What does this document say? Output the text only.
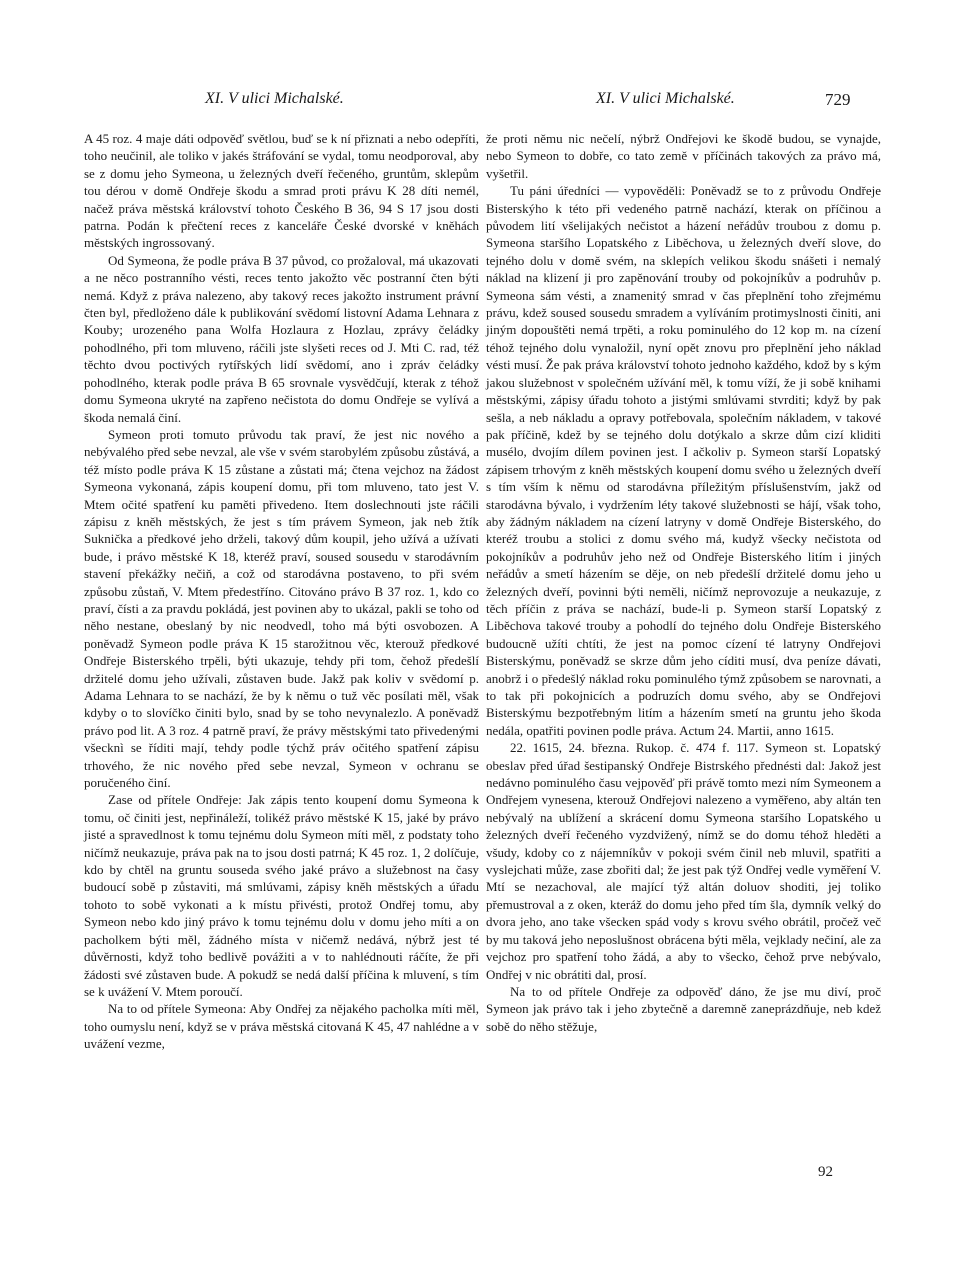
XI. V ulici Michalské.	XI. V ulici Michalské.	729

A 45 roz. 4 maje dáti odpověď světlou, buď se k ní přiznati a nebo odepříti, toho neučinil, ale toliko v jakés štráfování se vydal, tomu neodporoval, aby se z domu jeho Symeona, u železných dveří řečeného, gruntům, sklepům tou dérou v domě Ondřeje škodu a smrad proti právu K 28 díti nemél, načež práva městská království tohoto Českého B 36, 94 S 17 jsou dosti patrna. Podán k přečtení reces z kanceláře České dvorské v kněhách městských ingrossovaný.

Od Symeona, že podle práva B 37 původ, co prožaloval, má ukazovati a ne něco postranního vésti, reces tento jakožto věc postranní čten býti nemá. Když z práva nalezeno, aby takový reces jakožto instrument právní čten byl, předloženo dále k publikování svědomí listovní Adama Lehnara z Kouby; urozeného pana Wolfa Hozlaura z Hozlau, zprávy čeládky pohodlného, při tom mluveno, ráčili jste slyšeti reces od J. Mti C. rad, též těchto dvou poctivých rytířských lidí svědomí, ano i zpráv čeládky pohodlného, kterak podle práva B 65 srovnale vysvědčují, kterak z téhož domu Symeona ukryté na zapřeno nečistota do domu Ondřeje se vylívá a škoda nemalá činí.

Symeon proti tomuto průvodu tak praví, že jest nic nového a nebývalého před sebe nevzal, ale vše v svém starobylém způsobu zůstává, a též místo podle práva K 15 zůstane a zůstati má; čtena vejchoz na žádost Symeona vykonaná, zápis koupení domu, při tom mluveno, tato jest V. Mtem očité spatření ku paměti přivedeno. Item doslechnouti jste ráčili zápisu z kněh městských, že jest s tím právem Symeon, jak neb žtík Suknička a předkové jeho drželi, takový dům koupil, jeho užívá a užívati bude, i právo městské K 18, kteréž praví, soused sousedu v starodávním stavení překážky nečiň, a což od starodávna postaveno, to při svém způsobu zůstaň, V. Mtem předestříno. Citováno právo B 37 roz. 1, kdo co praví, čísti a za pravdu pokládá, jest povinen aby to ukázal, pakli se toho od něho nestane, obeslaný by nic neodvedl, toho má býti osvobozen. A poněvadž Symeon podle práva K 15 starožitnou věc, kterouž předkové Ondřeje Bisterského trpěli, býti ukazuje, tehdy při tom, čehož předešlí držitelé domu jeho užívali, zůstaven bude. Jakž pak koliv v svědomí p. Adama Lehnara to se nachází, že by k němu o tuž věc posílati měl, však kdyby o to slovíčko činiti bylo, snad by se toho nevynalezlo. A poněvadž právo pod lit. A 3 roz. 4 patrně praví, že právy městskými tato přivedenými všecknì se říditi mají, tehdy podle týchž práv očitého spatření zápisu trhového, že nic nového před sebe nevzal, Symeon v ochranu se poručeného činí.

Zase od přítele Ondřeje: Jak zápis tento koupení domu Symeona k tomu, oč činiti jest, nepřináleží, tolikéž právo městské K 15, jaké by právo jisté a spravedlnost k tomu tejnému dolu Symeon míti měl, z podstaty toho ničímž neukazuje, práva pak na to jsou dosti patrná; K 45 roz. 1, 2 dolíčuje, kdo by chtěl na gruntu souseda svého jaké právo a služebnost na časy budoucí sobě p zůstaviti, má smlúvami, zápisy kněh městských a úřadu tohoto to sobě vykonati a k místu přivésti, protož Ondřej tomu, aby Symeon nebo kdo jiný právo k tomu tejnému dolu v domu jeho míti a on pacholkem býti měl, žádného místa v ničemž nedává, nýbrž jest té důvěrnosti, když toho bedlivě povážiti a v to nahlédnouti ráčíte, že při žádosti své zůstaven bude. A pokudž se nedá další příčina k mluvení, s tím se k uvážení V. Mtem poroučí.

Na to od přítele Symeona: Aby Ondřej za nějakého pacholka míti měl, toho oumyslu není, když se v práva městská citovaná K 45, 47 nahlédne a v uvážení vezme,

že proti němu nic nečelí, nýbrž Ondřejovi ke škodě budou, se vynajde, nebo Symeon to dobře, co tato země v příčinách takových za právo má, vyšetřil.

Tu páni úředníci — vypověděli: Poněvadž se to z průvodu Ondřeje Bisterskýho k této při vedeného patrně nachází, kterak on příčinou a původem lití všelijakých nečistot a házení neřádův troubou z domu p. Symeona staršího Lopatského z Liběchova, u železných dveří slove, do tejného dolu v domě svém, na sklepích velikou škodu snášeti i nemalý náklad na klizení ji pro zapěnování trouby od pokojníkův a podruhův p. Symeona sám vésti, a znamenitý smrad v čas přeplnění toho zřejmému právu, kdež soused sousedu smradem a vylíváním protimyslnosti činiti, ani jiným dopouštěti nemá trpěti, a roku pominulého do 12 kop m. na cízení téhož tejného dolu vynaložil, nyní opět znovu pro přeplnění jeho náklad vésti musí. Že pak práva království tohoto jednoho každého, kdož by s kým jakou služebnost v společném užívání měl, k tomu víží, že ji sobě knihami městskými, zápisy úřadu tohoto a jistými smlúvami stvrditi; když by pak sešla, a neb nákladu a opravy potřebovala, společním nákladem, v takové pak příčině, kdež by se tejného dolu dotýkalo a skrze dům cizí kliditi musélo, dvojím dílem povinen jest. I ačkoliv p. Symeon starší Lopatský zápisem trhovým z kněh městských koupení domu svého u železných dveří s tím vším k němu od starodávna příležitým příslušenstvím, jakž od starodávna bývalo, i vydržením léty takové služebnosti se hájí, však toho, aby žádným nákladem na cízení latryny v domě Ondřeje Bisterského, do kteréž troubu a stolici z domu svého má, kudyž všecky nečistota od pokojníkův a podruhův jeho než od Ondřeje Bisterského litím i jiných neřádův a smetí házením se děje, on neb předešlí držitelé domu jeho u železných dveří, povinni býti neměli, ničímž neprovozuje a neukazuje, z těch příčin z práva se nachází, bude-li p. Symeon starší Lopatský z Liběchova takové trouby a pohodlí do tejného dolu Ondřeje Bisterského budoucně užíti chtíti, že jest na pomoc cízení té latryny Ondřejovi Bisterskýmu, poněvadž se skrze dům jeho cíditi musí, dva peníze dávati, anobrž i o předešlý náklad roku pominulého týmž způsobem se narovnati, a to tak při pokojnicích a podruzích domu svého, aby se Ondřejovi Bisterskýmu bezpotřebným litím a házením smetí na gruntu jeho škoda nedála, opatřiti povinen podle práva. Actum 24. Martii, anno 1615.

22. 1615, 24. března. Rukop. č. 474 f. 117. Symeon st. Lopatský obeslav před úřad šestipanský Ondřeje Bistrského přednésti dal: Jakož jest nedávno pominulého času vejpověď při právě tomto mezi ním Symeonem a Ondřejem vynesena, kterouž Ondřejovi nalezeno a vyměřeno, aby altán ten nebývalý na ublížení a skrácení domu Symeona staršího Lopatského u železných dveří řečeného vyzdvižený, nímž se do domu téhož hleděti a všudy, kdoby co z nájemníkův v pokoji svém činil neb mluvil, spatřiti a vyslejchati může, zase zbořiti dal; že jest pak týž Ondřej vedle vyměření V. Mtí se nezachoval, ale mající týž altán doluov shoditi, jej toliko přemustroval a z oken, kteráž do domu jeho před tím šla, dymník velký do dvora jeho, ano take všecken spád vody s krovu svého obrátil, pročež več by mu taková jeho neposlušnost obrácena býti měla, vejklady nečiní, ale za vejchoz pro spatření toho žádá, a aby to všecko, čehož prve nebývalo, Ondřej v nic obrátiti dal, prosí.

Na to od přítele Ondřeje za odpověď dáno, že jse mu diví, proč Symeon jak právo tak i jeho zbytečně a daremně zaneprázdňuje, neb kdež sobě do něho stěžuje,

92
